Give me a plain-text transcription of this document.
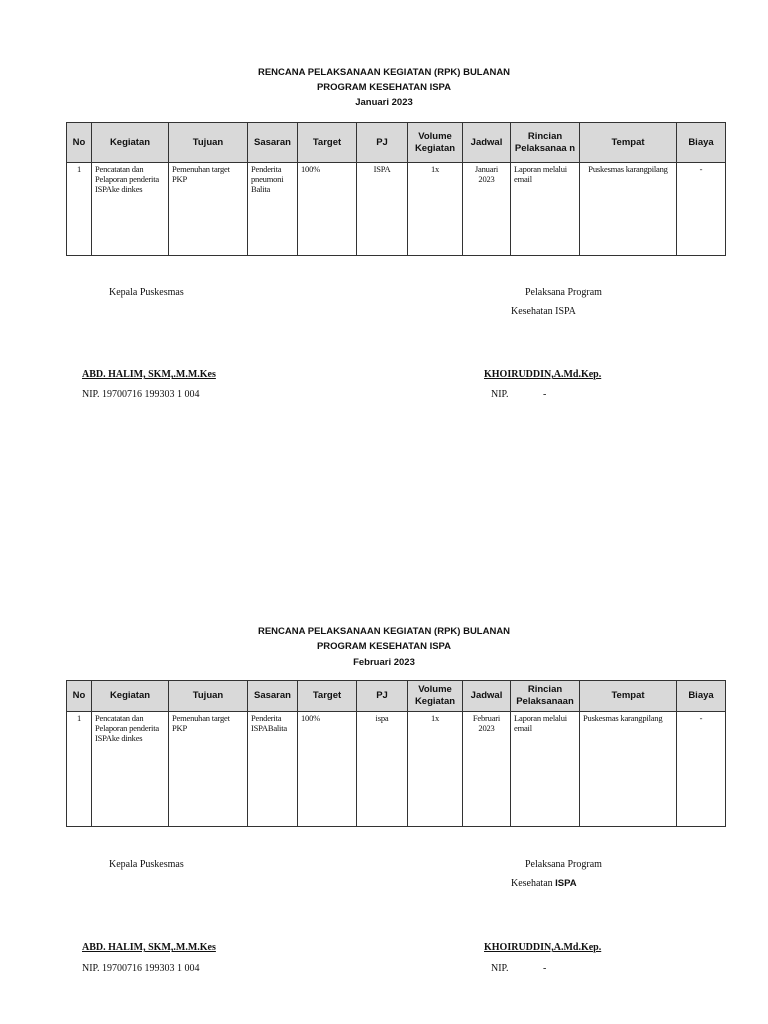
RENCANA PELAKSANAAN KEGIATAN (RPK) BULANAN
PROGRAM KESEHATAN ISPA
Januari 2023
No	Kegiatan	Tujuan	Sasaran	Target	PJ	Volume Kegiatan	Jadwal	Rincian Pelaksanaa n	Tempat	Biaya
1	Pencatatan dan Pelaporan penderita ISPAke dinkes	Pemenuhan target PKP	Penderita pneumoni Balita	100%	ISPA	1x	Januari 2023	Laporan melalui email	Puskesmas karangpilang	-
Kepala Puskesmas	Pelaksana Program
Kesehatan ISPA
ABD. HALIM, SKM,.M.M.Kes	KHOIRUDDIN,A.Md.Kep.
NIP. 19700716 199303 1 004	NIP.	-
RENCANA PELAKSANAAN KEGIATAN (RPK) BULANAN
PROGRAM KESEHATAN ISPA
Februari 2023
No	Kegiatan	Tujuan	Sasaran	Target	PJ	Volume Kegiatan	Jadwal	Rincian Pelaksanaan	Tempat	Biaya
1	Pencatatan dan Pelaporan penderita ISPAke dinkes	Pemenuhan target PKP	Penderita ISPABalita	100%	ispa	1x	Februari 2023	Laporan melalui email	Puskesmas karangpilang	-
Kepala Puskesmas	Pelaksana Program
Kesehatan ISPA
ABD. HALIM, SKM,.M.M.Kes	KHOIRUDDIN,A.Md.Kep.
NIP. 19700716 199303 1 004	NIP.	-
